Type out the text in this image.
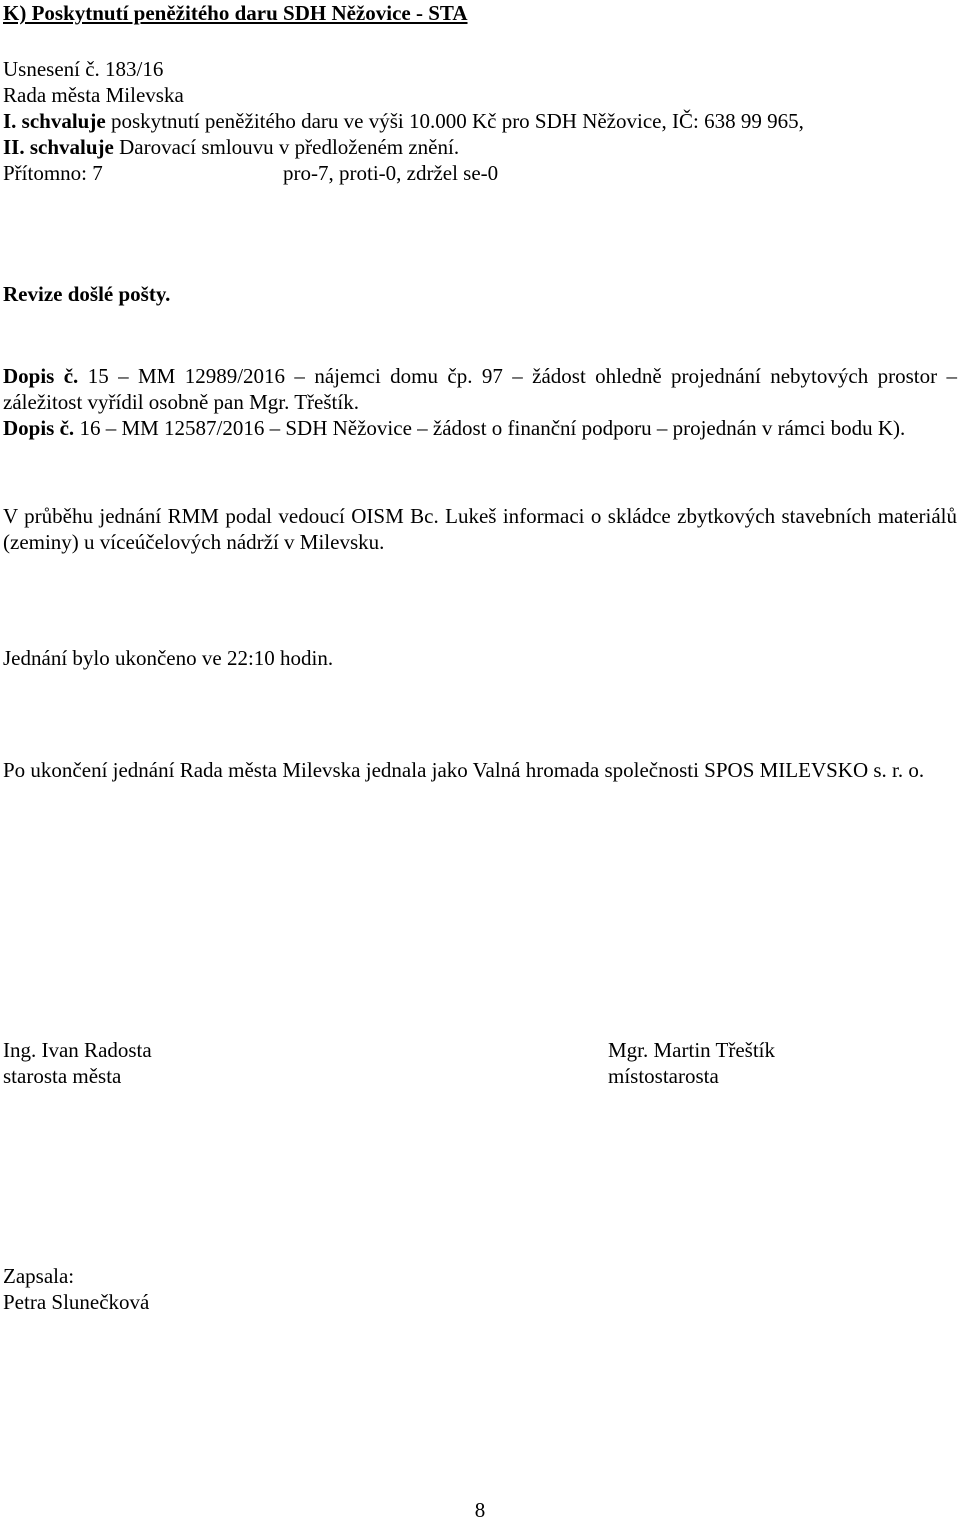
K) Poskytnutí peněžitého daru SDH Něžovice - STA
Usnesení č. 183/16
Rada města Milevska
I. schvaluje poskytnutí peněžitého daru ve výši 10.000 Kč pro SDH Něžovice, IČ: 638 99 965,
II. schvaluje Darovací smlouvu v předloženém znění.
Přítomno: 7	pro-7, proti-0, zdržel se-0
Revize došlé pošty.

Dopis č. 15 – MM 12989/2016 – nájemci domu čp. 97 – žádost ohledně projednání nebytových prostor – záležitost vyřídil osobně pan Mgr. Třeštík.

Dopis č. 16 – MM 12587/2016 – SDH Něžovice – žádost o finanční podporu – projednán v rámci bodu K).

V průběhu jednání RMM podal vedoucí OISM Bc. Lukeš informaci o skládce zbytkových stavebních materiálů (zeminy) u víceúčelových nádrží v Milevsku.

Jednání bylo ukončeno ve 22:10 hodin.

Po ukončení jednání Rada města Milevska jednala jako Valná hromada společnosti SPOS MILEVSKO s. r. o.

Ing. Ivan Radosta
starosta města
Mgr. Martin Třeštík
místostarosta
Zapsala:
Petra Slunečková
8
